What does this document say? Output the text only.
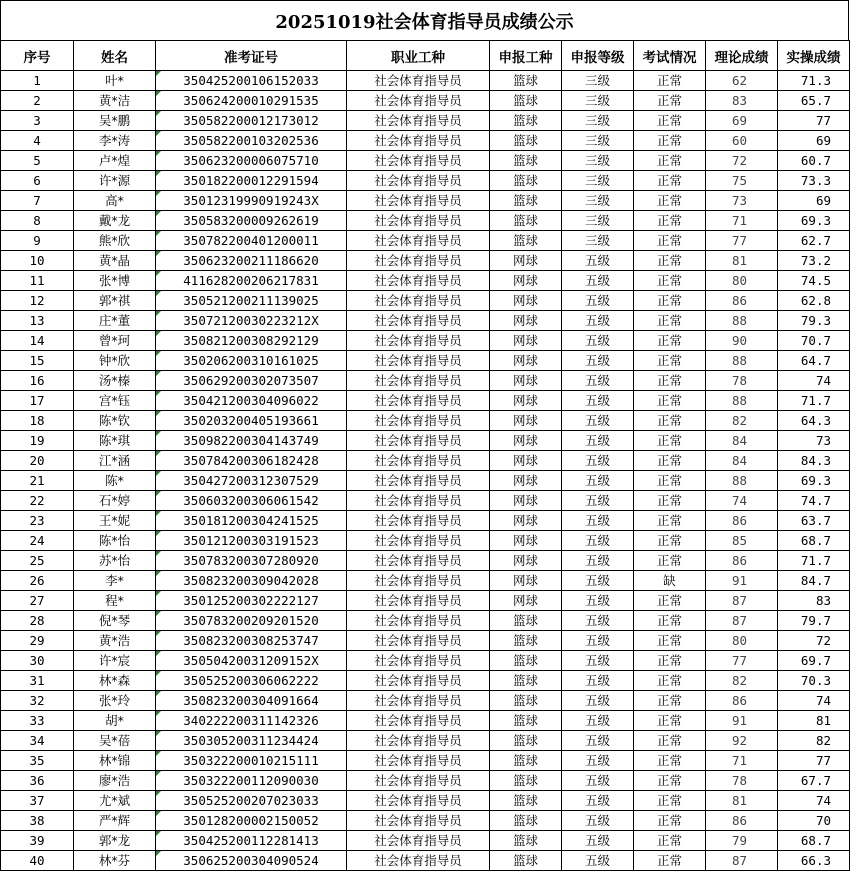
20251019社会体育指导员成绩公示
序号	姓名	准考证号	职业工种	申报工种	申报等级	考试情况	理论成绩	实操成绩
1	叶*	350425200106152033	社会体育指导员	篮球	三级	正常	62	71.3
2	黄*洁	350624200010291535	社会体育指导员	篮球	三级	正常	83	65.7
3	吴*鹏	350582200012173012	社会体育指导员	篮球	三级	正常	69	77
4	李*涛	350582200103202536	社会体育指导员	篮球	三级	正常	60	69
5	卢*煌	350623200006075710	社会体育指导员	篮球	三级	正常	72	60.7
6	许*源	350182200012291594	社会体育指导员	篮球	三级	正常	75	73.3
7	高*	35012319990919243X	社会体育指导员	篮球	三级	正常	73	69
8	戴*龙	350583200009262619	社会体育指导员	篮球	三级	正常	71	69.3
9	熊*欣	350782200401200011	社会体育指导员	篮球	三级	正常	77	62.7
10	黄*晶	350623200211186620	社会体育指导员	网球	五级	正常	81	73.2
11	张*博	411628200206217831	社会体育指导员	网球	五级	正常	80	74.5
12	郭*祺	350521200211139025	社会体育指导员	网球	五级	正常	86	62.8
13	庄*董	35072120030223212X	社会体育指导员	网球	五级	正常	88	79.3
14	曾*珂	350821200308292129	社会体育指导员	网球	五级	正常	90	70.7
15	钟*欣	350206200310161025	社会体育指导员	网球	五级	正常	88	64.7
16	汤*榛	350629200302073507	社会体育指导员	网球	五级	正常	78	74
17	宫*钰	350421200304096022	社会体育指导员	网球	五级	正常	88	71.7
18	陈*钦	350203200405193661	社会体育指导员	网球	五级	正常	82	64.3
19	陈*琪	350982200304143749	社会体育指导员	网球	五级	正常	84	73
20	江*涵	350784200306182428	社会体育指导员	网球	五级	正常	84	84.3
21	陈*	350427200312307529	社会体育指导员	网球	五级	正常	88	69.3
22	石*婷	350603200306061542	社会体育指导员	网球	五级	正常	74	74.7
23	王*妮	350181200304241525	社会体育指导员	网球	五级	正常	86	63.7
24	陈*怡	350121200303191523	社会体育指导员	网球	五级	正常	85	68.7
25	苏*怡	350783200307280920	社会体育指导员	网球	五级	正常	86	71.7
26	李*	350823200309042028	社会体育指导员	网球	五级	缺	91	84.7
27	程*	350125200302222127	社会体育指导员	网球	五级	正常	87	83
28	倪*琴	350783200209201520	社会体育指导员	篮球	五级	正常	87	79.7
29	黄*浩	350823200308253747	社会体育指导员	篮球	五级	正常	80	72
30	许*宸	35050420031209152X	社会体育指导员	篮球	五级	正常	77	69.7
31	林*森	350525200306062222	社会体育指导员	篮球	五级	正常	82	70.3
32	张*玲	350823200304091664	社会体育指导员	篮球	五级	正常	86	74
33	胡*	340222200311142326	社会体育指导员	篮球	五级	正常	91	81
34	吴*蓓	350305200311234424	社会体育指导员	篮球	五级	正常	92	82
35	林*锦	350322200010215111	社会体育指导员	篮球	五级	正常	71	77
36	廖*浩	350322200112090030	社会体育指导员	篮球	五级	正常	78	67.7
37	尤*斌	350525200207023033	社会体育指导员	篮球	五级	正常	81	74
38	严*辉	350128200002150052	社会体育指导员	篮球	五级	正常	86	70
39	郭*龙	350425200112281413	社会体育指导员	篮球	五级	正常	79	68.7
40	林*芬	350625200304090524	社会体育指导员	篮球	五级	正常	87	66.3
